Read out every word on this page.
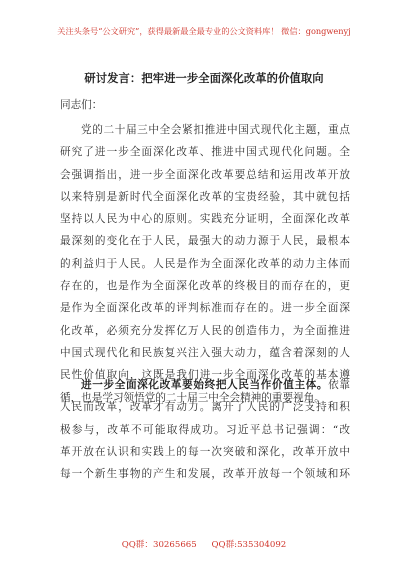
关注头条号“公文研究”，获得最新最全最专业的公文资料库！ 微信：gongwenyj
研讨发言：把牢进一步全面深化改革的价值取向
同志们：
党的二十届三中全会紧扣推进中国式现代化主题，重点
研究了进一步全面深化改革、推进中国式现代化问题。全
会强调指出，进一步全面深化改革要总结和运用改革开放
以来特别是新时代全面深化改革的宝贵经验，其中就包括
坚持以人民为中心的原则。实践充分证明，全面深化改革
最深刻的变化在于人民，最强大的动力源于人民，最根本
的利益归于人民。人民是作为全面深化改革的动力主体而
存在的，也是作为全面深化改革的终极目的而存在的，更
是作为全面深化改革的评判标准而存在的。进一步全面深
化改革，必须充分发挥亿万人民的创造伟力，为全面推进
中国式现代化和民族复兴注入强大动力，蕴含着深刻的人
民性价值取向，这既是我们进一步全面深化改革的基本遵
循，也是学习领悟党的二十届三中全会精神的重要视角。
进一步全面深化改革要始终把人民当作价值主体。依靠
人民而改革，改革才有动力。离开了人民的广泛支持和积
极参与，改革不可能取得成功。习近平总书记强调：“改
革开放在认识和实践上的每一次突破和深化，改革开放中
每一个新生事物的产生和发展，改革开放每一个领域和环
QQ群：30265665 QQ群:535304092
